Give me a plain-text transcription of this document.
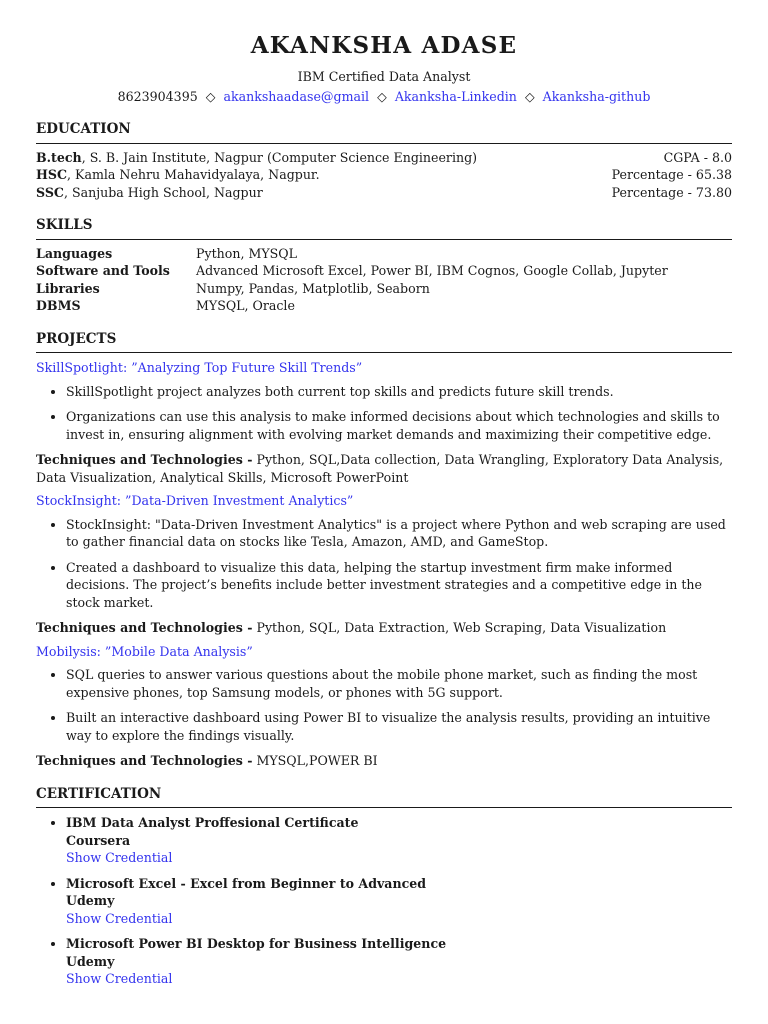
AKANKSHA ADASE
IBM Certified Data Analyst
8623904395 ◇ akankshaadase@gmail ◇ Akanksha-Linkedin ◇ Akanksha-github
EDUCATION
B.tech, S. B. Jain Institute, Nagpur (Computer Science Engineering)	CGPA - 8.0
HSC, Kamla Nehru Mahavidyalaya, Nagpur.	Percentage - 65.38
SSC, Sanjuba High School, Nagpur	Percentage - 73.80
SKILLS
Languages	Python, MYSQL
Software and Tools	Advanced Microsoft Excel, Power BI, IBM Cognos, Google Collab, Jupyter
Libraries	Numpy, Pandas, Matplotlib, Seaborn
DBMS	MYSQL, Oracle
PROJECTS
SkillSpotlight: ”Analyzing Top Future Skill Trends”
• SkillSpotlight project analyzes both current top skills and predicts future skill trends.
• Organizations can use this analysis to make informed decisions about which technologies and skills to invest in, ensuring alignment with evolving market demands and maximizing their competitive edge.
Techniques and Technologies - Python, SQL,Data collection, Data Wrangling, Exploratory Data Analysis, Data Visualization, Analytical Skills, Microsoft PowerPoint
StockInsight: ”Data-Driven Investment Analytics”
• StockInsight: "Data-Driven Investment Analytics" is a project where Python and web scraping are used to gather financial data on stocks like Tesla, Amazon, AMD, and GameStop.
• Created a dashboard to visualize this data, helping the startup investment firm make informed decisions. The project’s benefits include better investment strategies and a competitive edge in the stock market.
Techniques and Technologies - Python, SQL, Data Extraction, Web Scraping, Data Visualization
Mobilysis: ”Mobile Data Analysis”
• SQL queries to answer various questions about the mobile phone market, such as finding the most expensive phones, top Samsung models, or phones with 5G support.
• Built an interactive dashboard using Power BI to visualize the analysis results, providing an intuitive way to explore the findings visually.
Techniques and Technologies - MYSQL,POWER BI
CERTIFICATION
• IBM Data Analyst Proffesional Certificate
Coursera
Show Credential
• Microsoft Excel - Excel from Beginner to Advanced
Udemy
Show Credential
• Microsoft Power BI Desktop for Business Intelligence
Udemy
Show Credential
